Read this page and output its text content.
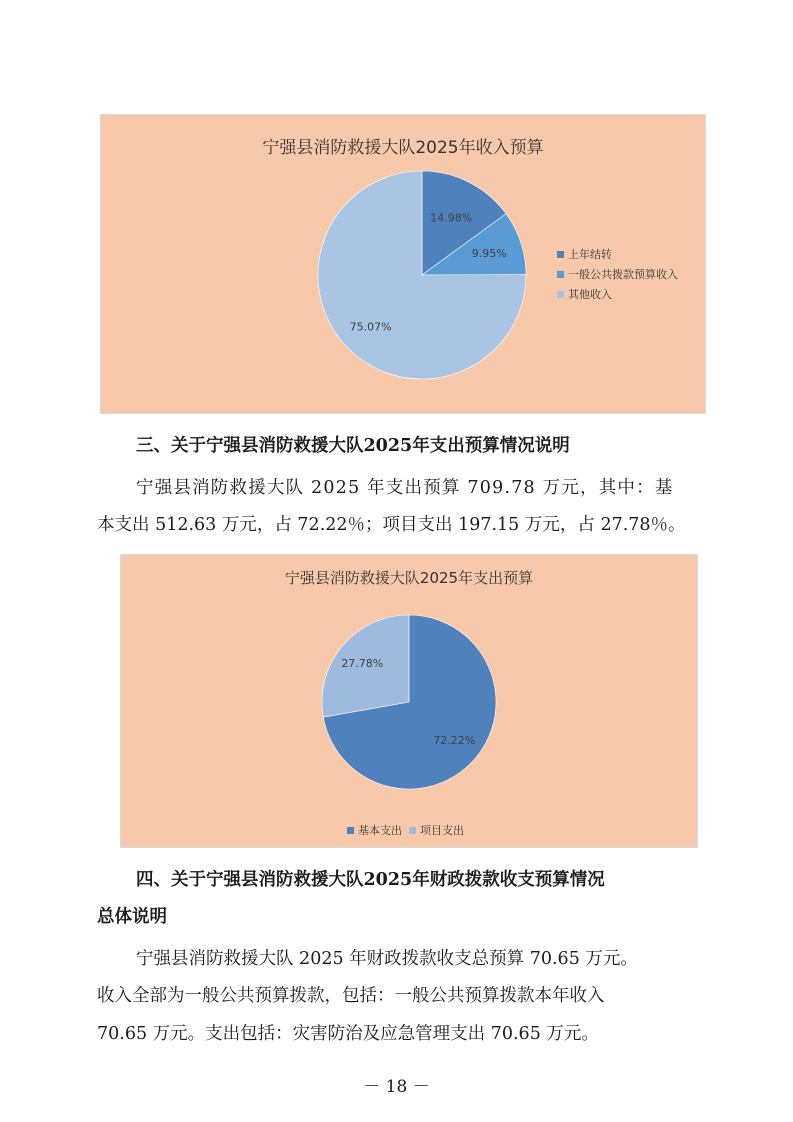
宁强县消防救援大队2025年收入预算
14.98%
9.95%
75.07%
上年结转
一般公共拨款预算收入
其他收入
三、关于宁强县消防救援大队2025年支出预算情况说明
宁强县消防救援大队 2025 年支出预算 709.78 万元，其中：基
本支出 512.63 万元，占 72.22％；项目支出 197.15 万元，占 27.78％。
宁强县消防救援大队2025年支出预算
72.22%
27.78%
基本支出 项目支出
四、关于宁强县消防救援大队2025年财政拨款收支预算情况
总体说明
宁强县消防救援大队 2025 年财政拨款收支总预算 70.65 万元。
收入全部为一般公共预算拨款，包括：一般公共预算拨款本年收入
70.65 万元。支出包括：灾害防治及应急管理支出 70.65 万元。
－ 18 －
